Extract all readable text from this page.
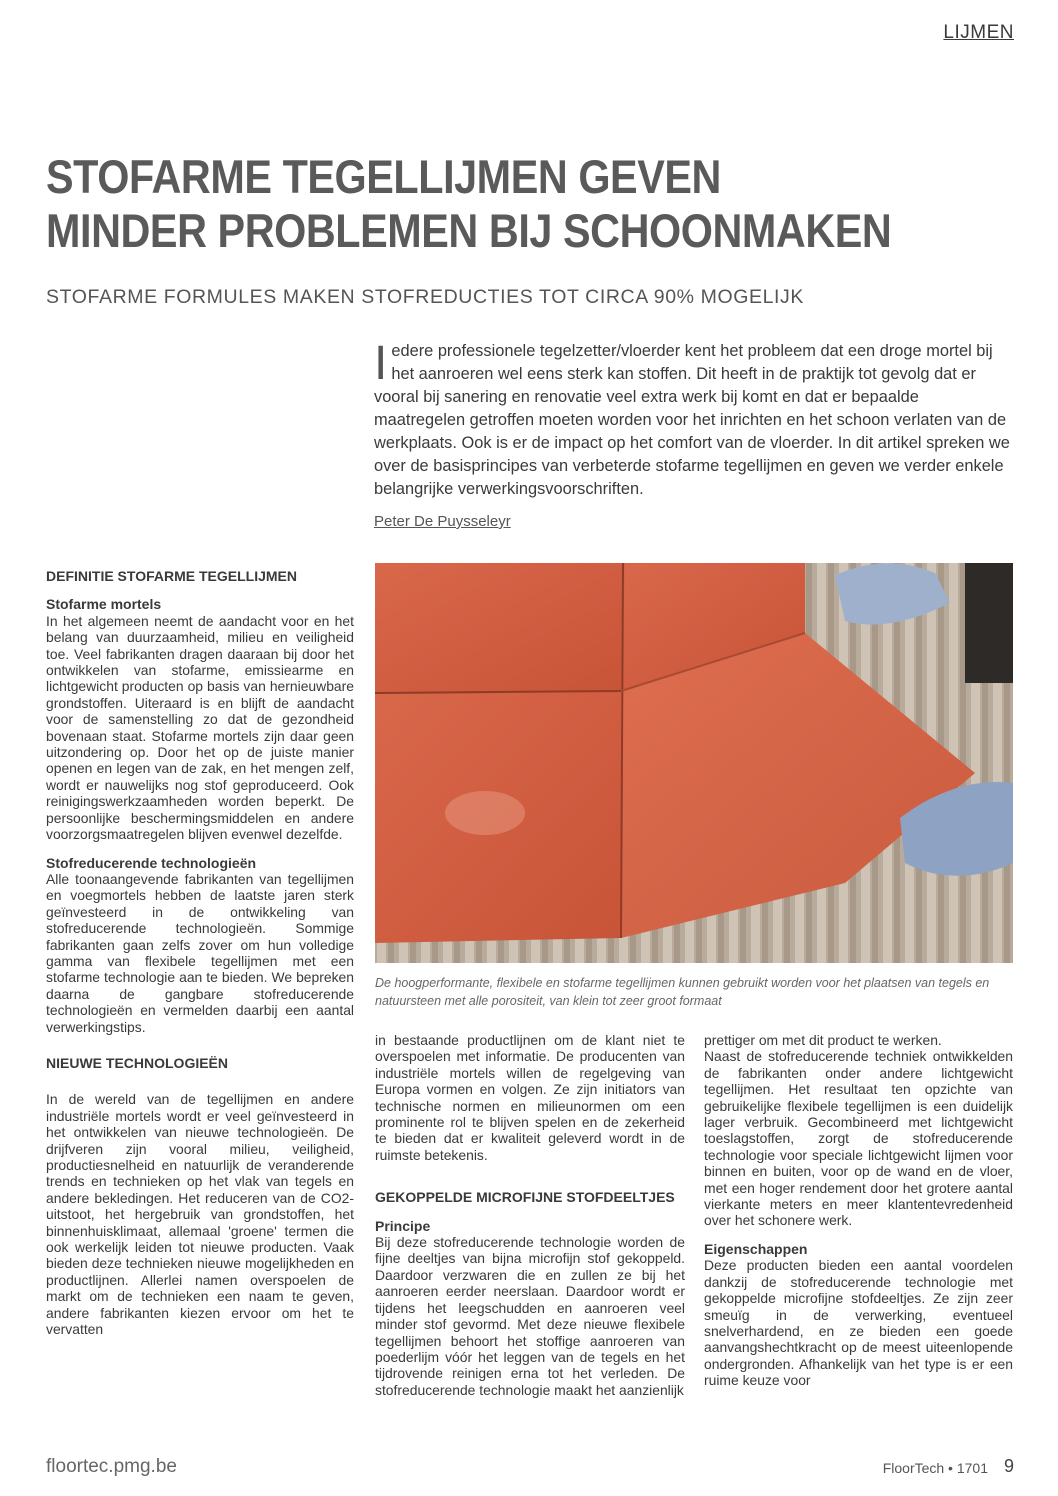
LIJMEN
STOFARME TEGELLIJMEN GEVEN
MINDER PROBLEMEN BIJ SCHOONMAKEN
STOFARME FORMULES MAKEN STOFREDUCTIES TOT CIRCA 90% MOGELIJK

Iedere professionele tegelzetter/vloerder kent het probleem dat een droge mortel bij het aanroeren wel eens sterk kan stoffen. Dit heeft in de praktijk tot gevolg dat er vooral bij sanering en renovatie veel extra werk bij komt en dat er bepaalde maatregelen getroffen moeten worden voor het inrichten en het schoon verlaten van de werkplaats. Ook is er de impact op het comfort van de vloerder. In dit artikel spreken we over de basisprincipes van verbeterde stofarme tegellijmen en geven we verder enkele belangrijke verwerkingsvoorschriften.

Peter De Puysseleyr

De hoogperformante, flexibele en stofarme tegellijmen kunnen gebruikt worden voor het plaatsen van tegels en natuursteen met alle porositeit, van klein tot zeer groot formaat

DEFINITIE STOFARME TEGELLIJMEN
Stofarme mortels

In het algemeen neemt de aandacht voor en het belang van duurzaamheid, milieu en veiligheid toe. Veel fabrikanten dragen daaraan bij door het ontwikkelen van stofarme, emissiearme en lichtgewicht producten op basis van hernieuwbare grondstoffen. Uiteraard is en blijft de aandacht voor de samenstelling zo dat de gezondheid bovenaan staat. Stofarme mortels zijn daar geen uitzondering op. Door het op de juiste manier openen en legen van de zak, en het mengen zelf, wordt er nauwelijks nog stof geproduceerd. Ook reinigingswerkzaamheden worden beperkt. De persoonlijke beschermingsmiddelen en andere voorzorgsmaatregelen blijven evenwel dezelfde.

Stofreducerende technologieën

Alle toonaangevende fabrikanten van tegellijmen en voegmortels hebben de laatste jaren sterk geïnvesteerd in de ontwikkeling van stofreducerende technologieën. Sommige fabrikanten gaan zelfs zover om hun volledige gamma van flexibele tegellijmen met een stofarme technologie aan te bieden. We bepreken daarna de gangbare stofreducerende technologieën en vermelden daarbij een aantal verwerkingstips.

NIEUWE TECHNOLOGIEËN

In de wereld van de tegellijmen en andere industriële mortels wordt er veel geïnvesteerd in het ontwikkelen van nieuwe technologieën. De drijfveren zijn vooral milieu, veiligheid, productiesnelheid en natuurlijk de veranderende trends en technieken op het vlak van tegels en andere bekledingen. Het reduceren van de CO2-uitstoot, het hergebruik van grondstoffen, het binnenhuisklimaat, allemaal 'groene' termen die ook werkelijk leiden tot nieuwe producten. Vaak bieden deze technieken nieuwe mogelijkheden en productlijnen. Allerlei namen overspoelen de markt om de technieken een naam te geven, andere fabrikanten kiezen ervoor om het te vervatten

in bestaande productlijnen om de klant niet te overspoelen met informatie. De producenten van industriële mortels willen de regelgeving van Europa vormen en volgen. Ze zijn initiators van technische normen en milieunormen om een prominente rol te blijven spelen en de zekerheid te bieden dat er kwaliteit geleverd wordt in de ruimste betekenis.

GEKOPPELDE MICROFIJNE STOFDEELTJES
Principe

Bij deze stofreducerende technologie worden de fijne deeltjes van bijna microfijn stof gekoppeld. Daardoor verzwaren die en zullen ze bij het aanroeren eerder neerslaan. Daardoor wordt er tijdens het leegschudden en aanroeren veel minder stof gevormd. Met deze nieuwe flexibele tegellijmen behoort het stoffige aanroeren van poederlijm vóór het leggen van de tegels en het tijdrovende reinigen erna tot het verleden. De stofreducerende technologie maakt het aanzienlijk

prettiger om met dit product te werken.

Naast de stofreducerende techniek ontwikkelden de fabrikanten onder andere lichtgewicht tegellijmen. Het resultaat ten opzichte van gebruikelijke flexibele tegellijmen is een duidelijk lager verbruik. Gecombineerd met lichtgewicht toeslagstoffen, zorgt de stofreducerende technologie voor speciale lichtgewicht lijmen voor binnen en buiten, voor op de wand en de vloer, met een hoger rendement door het grotere aantal vierkante meters en meer klantentevredenheid over het schonere werk.

Eigenschappen

Deze producten bieden een aantal voordelen dankzij de stofreducerende technologie met gekoppelde microfijne stofdeeltjes. Ze zijn zeer smeuïg in de verwerking, eventueel snelverhardend, en ze bieden een goede aanvangshechtkracht op de meest uiteenlopende ondergronden. Afhankelijk van het type is er een ruime keuze voor

floortec.pmg.be	FloorTech • 1701 9
